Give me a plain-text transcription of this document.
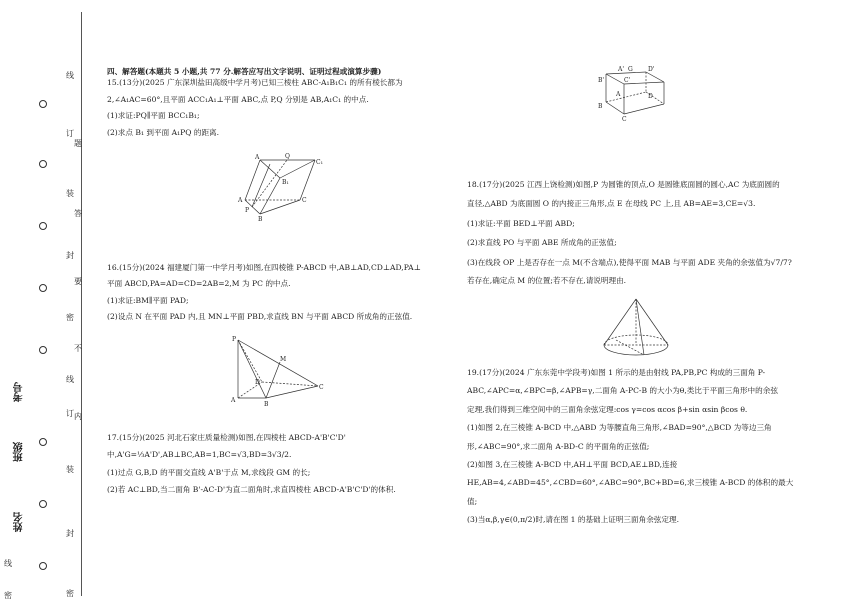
线
订
装
封
密
线
订
装
封
密
题
答
要
不
内
考号
班级
姓名
线
密

四、解答题(本题共 5 小题,共 77 分.解答应写出文字说明、证明过程或演算步骤)

15.(13分)(2025 广东深圳盐田高级中学月考)已知三棱柱 ABC-A₁B₁C₁ 的所有棱长都为

2,∠A₁AC=60°,且平面 ACC₁A₁⊥平面 ABC,点 P,Q 分别是 AB,A₁C₁ 的中点.

(1)求证:PQ∥平面 BCC₁B₁;

(2)求点 B₁ 到平面 A₁PQ 的距离.

A	Q
C₁
B₁
A
P
C
B

16.(15分)(2024 福建厦门第一中学月考)如图,在四棱锥 P-ABCD 中,AB⊥AD,CD⊥AD,PA⊥

平面 ABCD,PA=AD=CD=2AB=2,M 为 PC 的中点.

(1)求证:BM∥平面 PAD;

(2)设点 N 在平面 PAD 内,且 MN⊥平面 PBD,求直线 BN 与平面 ABCD 所成角的正弦值.

P
M
D
C
A
B

17.(15分)(2025 河北石家庄质量检测)如图,在四棱柱 ABCD-A'B'C'D'

中,A'G=⅓A'D',AB⊥BC,AB=1,BC=√3,BD=3√3/2.

(1)过点 G,B,D 的平面交直线 A'B'于点 M,求线段 GM 的长;

(2)若 AC⊥BD,当二面角 B'-AC-D'为直二面角时,求直四棱柱 ABCD-A'B'C'D'的体积.

B'
A' G	D'
C'
A	D
B
C

18.(17分)(2025 江西上饶检测)如图,P 为圆锥的顶点,O 是圆锥底面圆的圆心,AC 为底面圆的

直径,△ABD 为底面圆 O 的内接正三角形,点 E 在母线 PC 上,且 AB=AE=3,CE=√3.

(1)求证:平面 BED⊥平面 ABD;

(2)求直线 PO 与平面 ABE 所成角的正弦值;

(3)在线段 OP 上是否存在一点 M(不含端点),使得平面 MAB 与平面 ADE 夹角的余弦值为√7/7?

若存在,确定点 M 的位置;若不存在,请说明理由.

19.(17分)(2024 广东东莞中学段考)如图 1 所示的是由射线 PA,PB,PC 构成的三面角 P-

ABC,∠APC=α,∠BPC=β,∠APB=γ,二面角 A-PC-B 的大小为θ,类比于平面三角形中的余弦

定理,我们得到三维空间中的三面角余弦定理:cos γ=cos αcos β+sin αsin βcos θ.

(1)如图 2,在三棱锥 A-BCD 中,△ABD 为等腰直角三角形,∠BAD=90°,△BCD 为等边三角

形,∠ABC=90°,求二面角 A-BD-C 的平面角的正弦值;

(2)如图 3,在三棱锥 A-BCD 中,AH⊥平面 BCD,AE⊥BD,连接

HE,AB=4,∠ABD=45°,∠CBD=60°,∠ABC=90°,BC+BD=6,求三棱锥 A-BCD 的体积的最大

值;

(3)当α,β,γ∈(0,π/2)时,请在图 1 的基础上证明三面角余弦定理.
